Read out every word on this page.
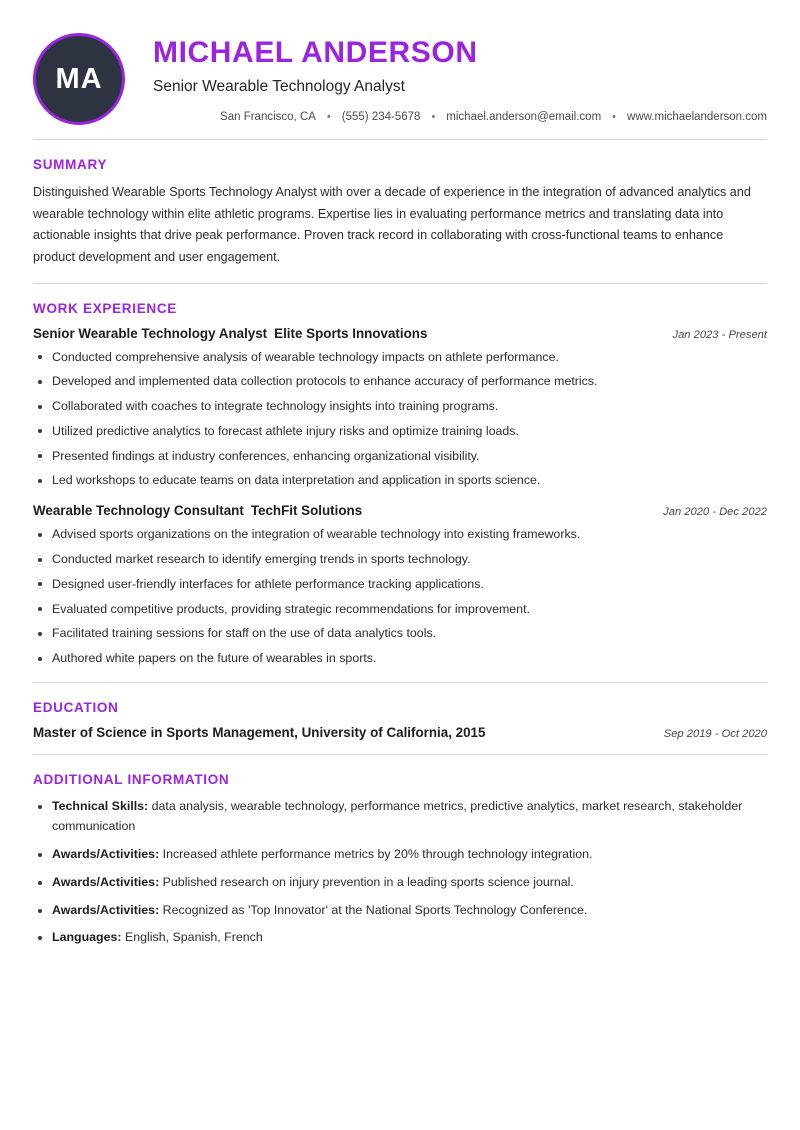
MA
MICHAEL ANDERSON
Senior Wearable Technology Analyst
San Francisco, CA	• (555) 234-5678	• michael.anderson@email.com	• www.michaelanderson.com
SUMMARY

Distinguished Wearable Sports Technology Analyst with over a decade of experience in the integration of advanced analytics and wearable technology within elite athletic programs. Expertise lies in evaluating performance metrics and translating data into actionable insights that drive peak performance. Proven track record in collaborating with cross-functional teams to enhance product development and user engagement.

WORK EXPERIENCE
Senior Wearable Technology Analyst Elite Sports Innovations	Jan 2023 - Present
Conducted comprehensive analysis of wearable technology impacts on athlete performance.
Developed and implemented data collection protocols to enhance accuracy of performance metrics.
Collaborated with coaches to integrate technology insights into training programs.
Utilized predictive analytics to forecast athlete injury risks and optimize training loads.
Presented findings at industry conferences, enhancing organizational visibility.
Led workshops to educate teams on data interpretation and application in sports science.
Wearable Technology Consultant TechFit Solutions	Jan 2020 - Dec 2022
Advised sports organizations on the integration of wearable technology into existing frameworks.
Conducted market research to identify emerging trends in sports technology.
Designed user-friendly interfaces for athlete performance tracking applications.
Evaluated competitive products, providing strategic recommendations for improvement.
Facilitated training sessions for staff on the use of data analytics tools.
Authored white papers on the future of wearables in sports.
EDUCATION
Master of Science in Sports Management, University of California, 2015	Sep 2019 - Oct 2020
ADDITIONAL INFORMATION
Technical Skills: data analysis, wearable technology, performance metrics, predictive analytics, market research, stakeholder communication
Awards/Activities: Increased athlete performance metrics by 20% through technology integration.
Awards/Activities: Published research on injury prevention in a leading sports science journal.
Awards/Activities: Recognized as 'Top Innovator' at the National Sports Technology Conference.
Languages: English, Spanish, French
